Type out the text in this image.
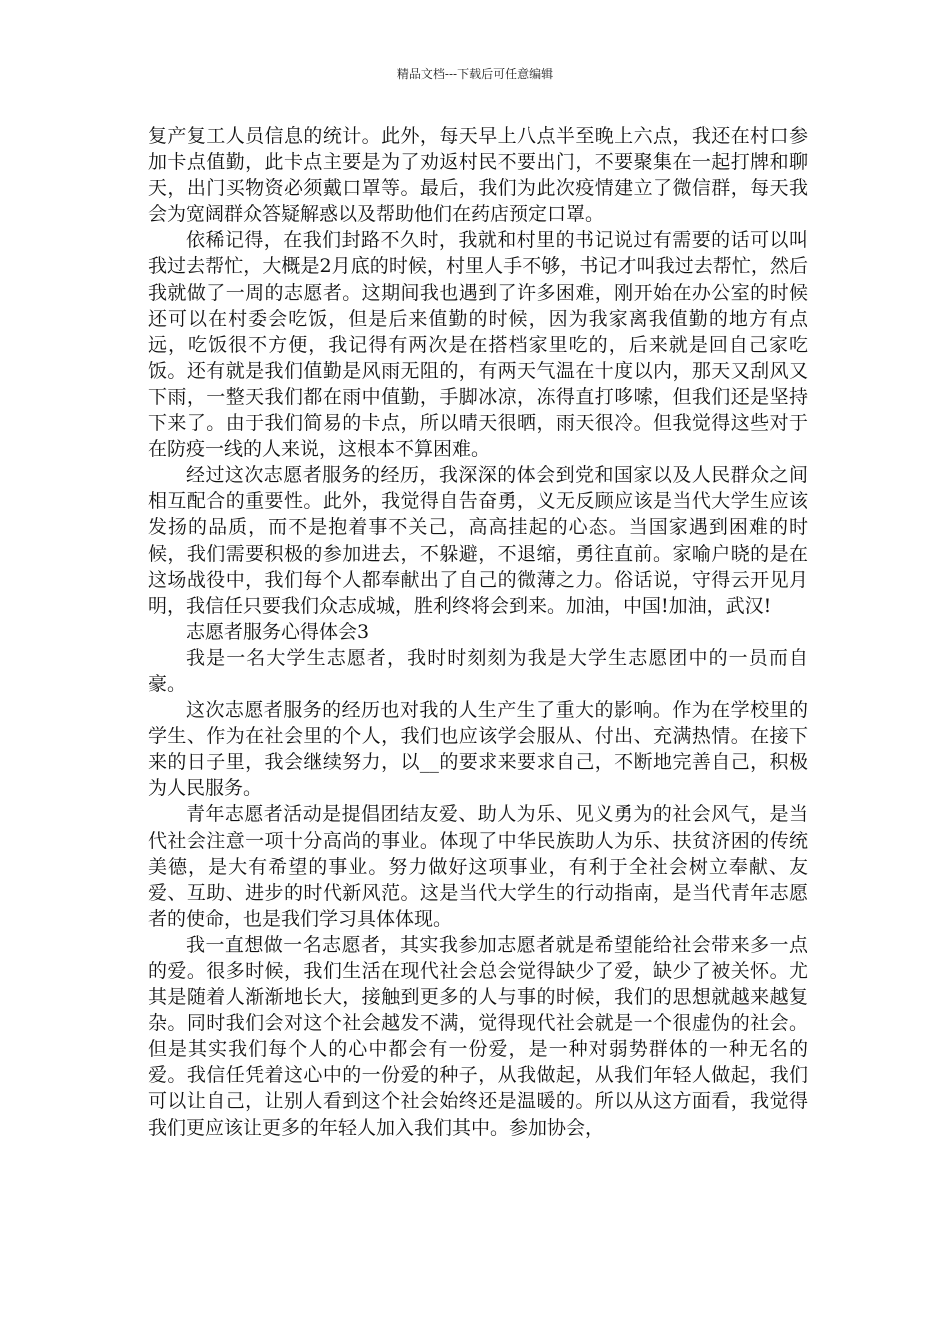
精品文档---下载后可任意编辑

复产复工人员信息的统计。此外，每天早上八点半至晚上六点，我还在村口参加卡点值勤，此卡点主要是为了劝返村民不要出门，不要聚集在一起打牌和聊天，出门买物资必须戴口罩等。最后，我们为此次疫情建立了微信群，每天我会为宽阔群众答疑解惑以及帮助他们在药店预定口罩。

依稀记得，在我们封路不久时，我就和村里的书记说过有需要的话可以叫我过去帮忙，大概是2月底的时候，村里人手不够，书记才叫我过去帮忙，然后我就做了一周的志愿者。这期间我也遇到了许多困难，刚开始在办公室的时候还可以在村委会吃饭，但是后来值勤的时候，因为我家离我值勤的地方有点远，吃饭很不方便，我记得有两次是在搭档家里吃的，后来就是回自己家吃饭。还有就是我们值勤是风雨无阻的，有两天气温在十度以内，那天又刮风又下雨，一整天我们都在雨中值勤，手脚冰凉，冻得直打哆嗦，但我们还是坚持下来了。由于我们简易的卡点，所以晴天很晒，雨天很冷。但我觉得这些对于在防疫一线的人来说，这根本不算困难。

经过这次志愿者服务的经历，我深深的体会到党和国家以及人民群众之间相互配合的重要性。此外，我觉得自告奋勇，义无反顾应该是当代大学生应该发扬的品质，而不是抱着事不关己，高高挂起的心态。当国家遇到困难的时候，我们需要积极的参加进去，不躲避，不退缩，勇往直前。家喻户晓的是在这场战役中，我们每个人都奉献出了自己的微薄之力。俗话说，守得云开见月明，我信任只要我们众志成城，胜利终将会到来。加油，中国!加油，武汉!

志愿者服务心得体会3

我是一名大学生志愿者，我时时刻刻为我是大学生志愿团中的一员而自豪。

这次志愿者服务的经历也对我的人生产生了重大的影响。作为在学校里的学生、作为在社会里的个人，我们也应该学会服从、付出、充满热情。在接下来的日子里，我会继续努力，以__的要求来要求自己，不断地完善自己，积极为人民服务。

青年志愿者活动是提倡团结友爱、助人为乐、见义勇为的社会风气，是当代社会注意一项十分高尚的事业。体现了中华民族助人为乐、扶贫济困的传统美德，是大有希望的事业。努力做好这项事业，有利于全社会树立奉献、友爱、互助、进步的时代新风范。这是当代大学生的行动指南，是当代青年志愿者的使命，也是我们学习具体体现。

我一直想做一名志愿者，其实我参加志愿者就是希望能给社会带来多一点的爱。很多时候，我们生活在现代社会总会觉得缺少了爱，缺少了被关怀。尤其是随着人渐渐地长大，接触到更多的人与事的时候，我们的思想就越来越复杂。同时我们会对这个社会越发不满，觉得现代社会就是一个很虚伪的社会。但是其实我们每个人的心中都会有一份爱，是一种对弱势群体的一种无名的爱。我信任凭着这心中的一份爱的种子，从我做起，从我们年轻人做起，我们可以让自己，让别人看到这个社会始终还是温暖的。所以从这方面看，我觉得我们更应该让更多的年轻人加入我们其中。参加协会，
